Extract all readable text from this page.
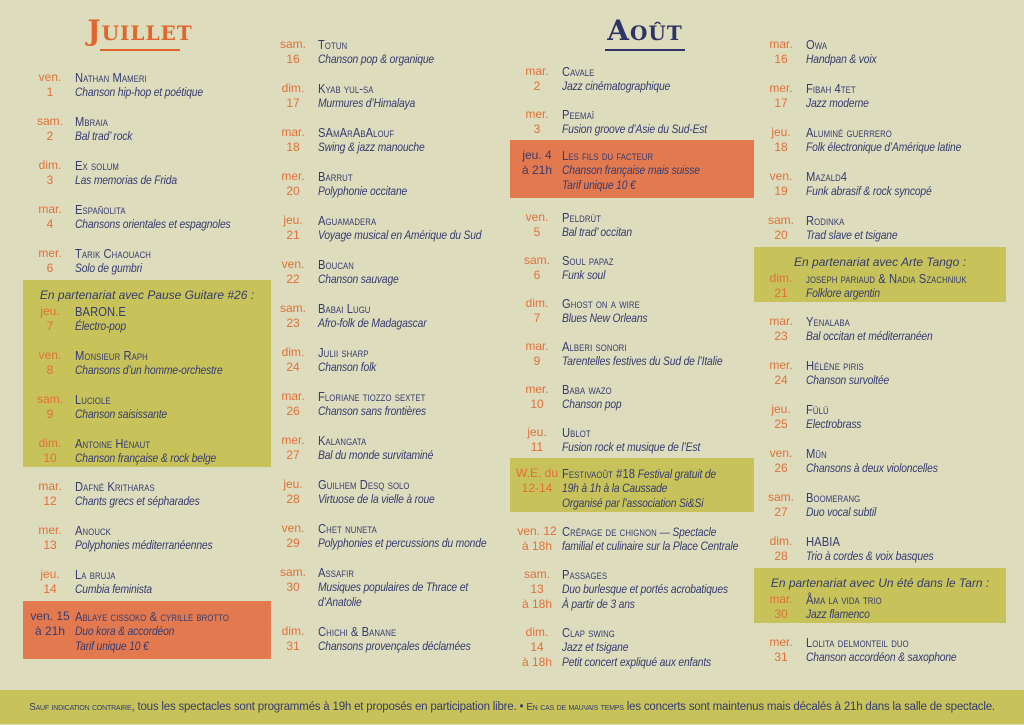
Juillet	Août
ven.
1
Nathan Mameri
Chanson hip-hop et poétique
sam.
2
Mbraia
Bal trad’ rock
dim.
3
Ex solum
Las memorias de Frida
mar.
4
Españolita
Chansons orientales et espagnoles
mer.
6
Tarik Chaouach
Solo de gumbri
En partenariat avec Pause Guitare #26 :
jeu.
7
BARON.E
Électro-pop
ven.
8
Monsieur Raph
Chansons d’un homme-orchestre
sam.
9
Luciole
Chanson saisissante
dim.
10
Antoine Hénaut
Chanson française & rock belge
mar.
12
Dafné Kritharas
Chants grecs et sépharades
mer.
13
Anouck
Polyphonies méditerranéennes
jeu.
14
La bruja
Cumbia feminista
ven. 15
à 21h
Ablaye cissoko & cyrille brotto
Duo kora & accordéon
Tarif unique 10 €
sam.
16
Totun
Chanson pop & organique
dim.
17
Kyab yul-sa
Murmures d’Himalaya
mar.
18
SAmArAbAlouf
Swing & jazz manouche
mer.
20
Barrut
Polyphonie occitane
jeu.
21
Aguamadera
Voyage musical en Amérique du Sud
ven.
22
Boucan
Chanson sauvage
sam.
23
Babai Lugu
Afro-folk de Madagascar
dim.
24
Julii sharp
Chanson folk
mar.
26
Floriane tiozzo sextet
Chanson sans frontières
mer.
27
Kalangata
Bal du monde survitaminé
jeu.
28
Guilhem Desq solo
Virtuose de la vielle à roue
ven.
29
Chet nuneta
Polyphonies et percussions du monde
sam.
30
Assafir
Musiques populaires de Thrace et
d’Anatolie
dim.
31
Chichi & Banane
Chansons provençales déclamées
mar.
2
Cavale
Jazz cinématographique
mer.
3
Peemaï
Fusion groove d’Asie du Sud-Est
jeu. 4
à 21h
Les fils du facteur
Chanson française mais suisse
Tarif unique 10 €
ven.
5
Peldrùt
Bal trad’ occitan
sam.
6
Soul papaz
Funk soul
dim.
7
Ghost on a wire
Blues New Orleans
mar.
9
Alberi sonori
Tarentelles festives du Sud de l’Italie
mer.
10
Baba wazo
Chanson pop
jeu.
11
Ublot
Fusion rock et musique de l’Est
W.E. du
12-14
Festivaoût #18 Festival gratuit de
19h à 1h à la Caussade
Organisé par l’association Si&Si
ven. 12
à 18h
Crêpage de chignon — Spectacle
familial et culinaire sur la Place Centrale
sam.
13
à 18h
Passages
Duo burlesque et portés acrobatiques
À partir de 3 ans
dim.
14
à 18h
Clap swing
Jazz et tsigane
Petit concert expliqué aux enfants
mar.
16
Owa
Handpan & voix
mer.
17
Fibah 4tet
Jazz moderne
jeu.
18
Aluminé guerrero
Folk électronique d’Amérique latine
ven.
19
Mazald4
Funk abrasif & rock syncopé
sam.
20
Rodinka
Trad slave et tsigane
En partenariat avec Arte Tango :
dim.
21
joseph pariaud & Nadia Szachniuk
Folklore argentin
mar.
23
Yenalaba
Bal occitan et méditerranéen
mer.
24
Hélène piris
Chanson survoltée
jeu.
25
Fülü
Electrobrass
ven.
26
Mũn
Chansons à deux violoncelles
sam.
27
Boomerang
Duo vocal subtil
dim.
28
HABIA
Trio à cordes & voix basques
En partenariat avec Un été dans le Tarn :
mar.
30
Åma la vida trio
Jazz flamenco
mer.
31
Lolita delmonteil duo
Chanson accordéon & saxophone
Sauf indication contraire, tous les spectacles sont programmés à 19h et proposés en participation libre. • En cas de mauvais temps les concerts sont maintenus mais décalés à 21h dans la salle de spectacle.
